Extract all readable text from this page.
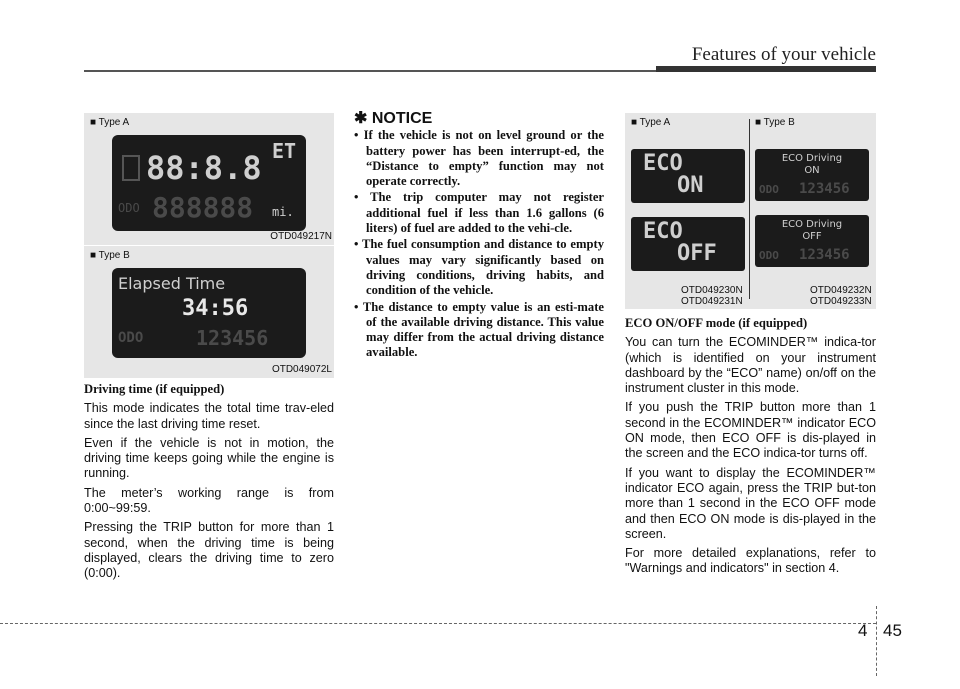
Features of your vehicle
■ Type A
88:8.8 ET
ODO 888888 mi.
OTD049217N
■ Type B
Elapsed Time
34:56
ODO	123456
OTD049072L
Driving time (if equipped)

This mode indicates the total time trav-eled since the last driving time reset.

Even if the vehicle is not in motion, the driving time keeps going while the engine is running.

The meter’s working range is from 0:00~99:59.

Pressing the TRIP button for more than 1 second, when the driving time is being displayed, clears the driving time to zero (0:00).

✱ NOTICE
• If the vehicle is not on level ground or the battery power has been interrupt-ed, the “Distance to empty” function may not operate correctly.
• The trip computer may not register additional fuel if less than 1.6 gallons (6 liters) of fuel are added to the vehi-cle.
• The fuel consumption and distance to empty values may vary significantly based on driving conditions, driving habits, and condition of the vehicle.
• The distance to empty value is an esti-mate of the available driving distance. This value may differ from the actual driving distance available.
■ Type A	■ Type B
ECO
ON
ECO
OFF
ECO Driving
ON
ODO 123456
ECO Driving
OFF
ODO 123456
OTD049230N
OTD049231N
OTD049232N
OTD049233N
ECO ON/OFF mode (if equipped)

You can turn the ECOMINDER™ indica-tor (which is identified on your instrument dashboard by the “ECO” name) on/off on the instrument cluster in this mode.

If you push the TRIP button more than 1 second in the ECOMINDER™ indicator ECO ON mode, then ECO OFF is dis-played in the screen and the ECO indica-tor turns off.

If you want to display the ECOMINDER™ indicator ECO again, press the TRIP but-ton more than 1 second in the ECO OFF mode and then ECO ON mode is dis-played in the screen.

For more detailed explanations, refer to "Warnings and indicators" in section 4.

4 45
